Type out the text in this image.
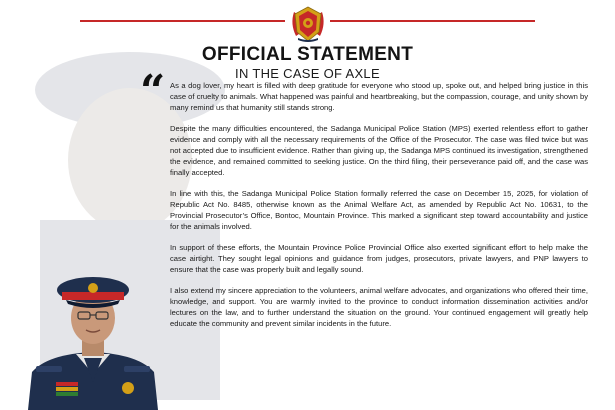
OFFICIAL STATEMENT
IN THE CASE OF AXLE
“ As a dog lover, my heart is filled with deep gratitude for everyone who stood up, spoke out, and helped bring justice in this case of cruelty to animals. What happened was painful and heartbreaking, but the compassion, courage, and unity shown by many remind us that humanity still stands strong.

Despite the many difficulties encountered, the Sadanga Municipal Police Station (MPS) exerted relentless effort to gather evidence and comply with all the necessary requirements of the Office of the Prosecutor. The case was filed twice but was not accepted due to insufficient evidence. Rather than giving up, the Sadanga MPS continued its investigation, strengthened the evidence, and remained committed to seeking justice. On the third filing, their perseverance paid off, and the case was finally accepted.

In line with this, the Sadanga Municipal Police Station formally referred the case on December 15, 2025, for violation of Republic Act No. 8485, otherwise known as the Animal Welfare Act, as amended by Republic Act No. 10631, to the Provincial Prosecutor’s Office, Bontoc, Mountain Province. This marked a significant step toward accountability and justice for the animals involved.

In support of these efforts, the Mountain Province Police Provincial Office also exerted significant effort to help make the case airtight. They sought legal opinions and guidance from judges, prosecutors, private lawyers, and PNP lawyers to ensure that the case was properly built and legally sound.

I also extend my sincere appreciation to the volunteers, animal welfare advocates, and organizations who offered their time, knowledge, and support. You are warmly invited to the province to conduct information dissemination activities and/or lectures on the law, and to further understand the situation on the ground. Your continued engagement will greatly help educate the community and prevent similar incidents in the future.
